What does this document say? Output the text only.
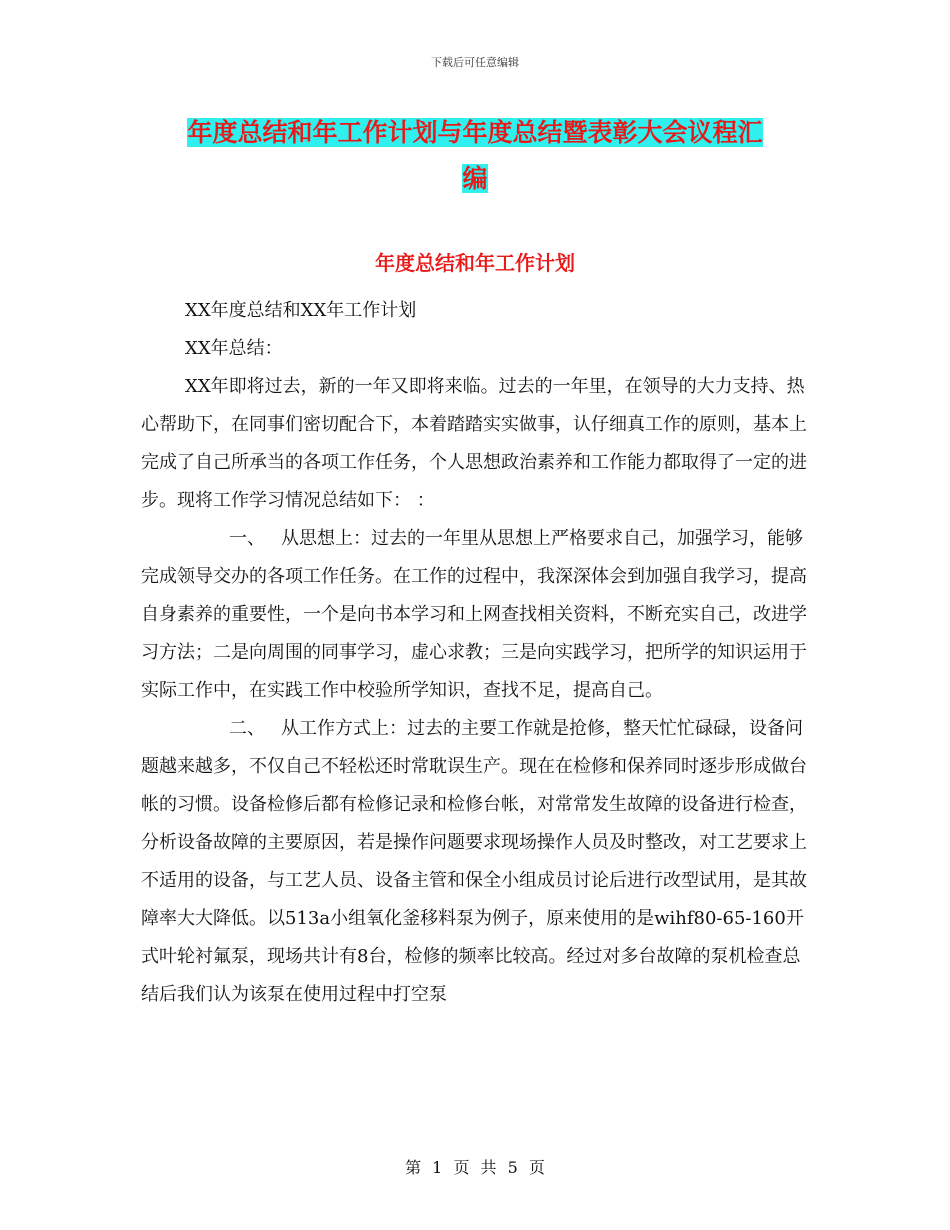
下载后可任意编辑
年度总结和年工作计划与年度总结暨表彰大会议程汇
编
年度总结和年工作计划

XX年度总结和XX年工作计划

XX年总结：

XX年即将过去，新的一年又即将来临。过去的一年里，在领导的大力支持、热心帮助下，在同事们密切配合下，本着踏踏实实做事，认仔细真工作的原则，基本上完成了自己所承当的各项工作任务，个人思想政治素养和工作能力都取得了一定的进步。现将工作学习情况总结如下： ：

一、 从思想上：过去的一年里从思想上严格要求自己，加强学习，能够完成领导交办的各项工作任务。在工作的过程中，我深深体会到加强自我学习，提高自身素养的重要性，一个是向书本学习和上网查找相关资料，不断充实自己，改进学习方法；二是向周围的同事学习，虚心求教；三是向实践学习，把所学的知识运用于实际工作中，在实践工作中校验所学知识，查找不足，提高自己。

二、 从工作方式上：过去的主要工作就是抢修，整天忙忙碌碌，设备问题越来越多，不仅自己不轻松还时常耽误生产。现在在检修和保养同时逐步形成做台帐的习惯。设备检修后都有检修记录和检修台帐，对常常发生故障的设备进行检查，分析设备故障的主要原因，若是操作问题要求现场操作人员及时整改，对工艺要求上不适用的设备，与工艺人员、设备主管和保全小组成员讨论后进行改型试用，是其故障率大大降低。以513a小组氧化釜移料泵为例子，原来使用的是wihf80-65-160开式叶轮衬氟泵，现场共计有8台，检修的频率比较高。经过对多台故障的泵机检查总结后我们认为该泵在使用过程中打空泵

第 1 页 共 5 页
